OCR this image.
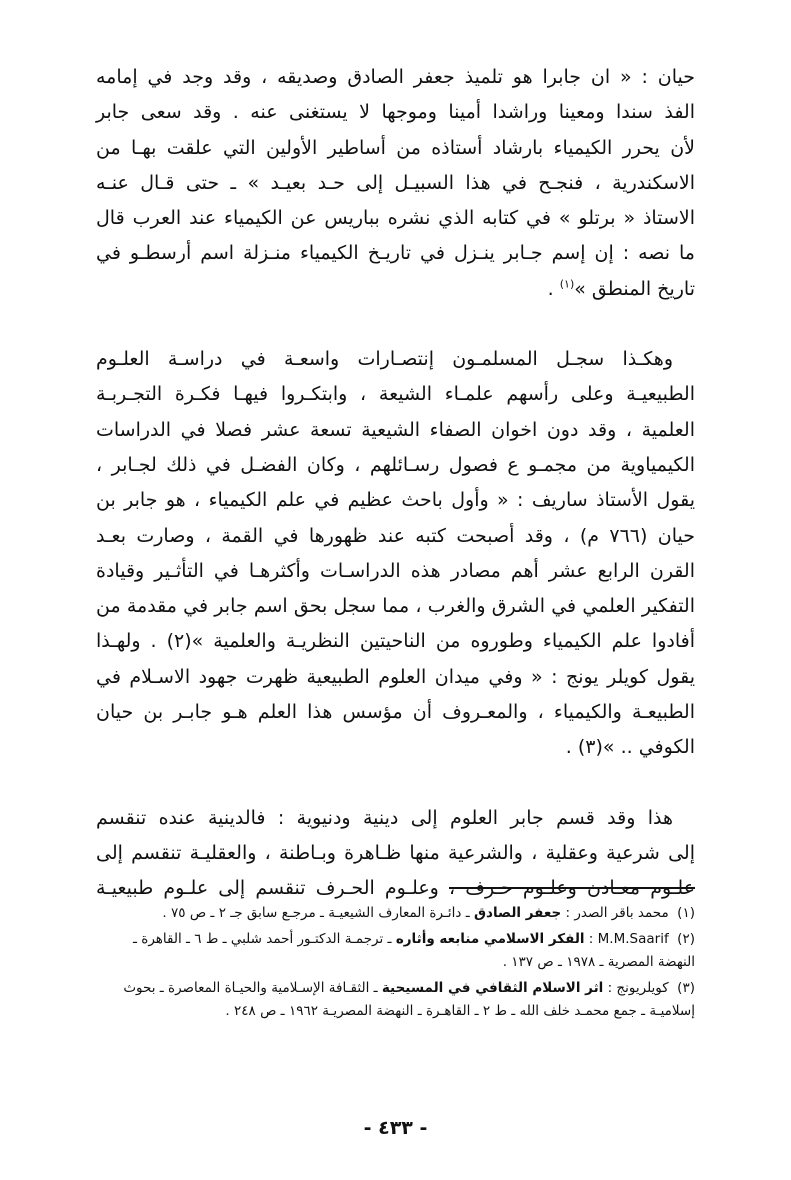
حيان : « ان جابرا هو تلميذ جعفر الصادق وصديقه ، وقد وجد في إمامه
الفذ سندا ومعينا وراشدا أمينا وموجها لا يستغنى عنه . وقد سعى جابر
لأن يحرر الكيمياء بارشاد أستاذه من أساطير الأولين التي علقت بهـا من
الاسكندرية ، فنجـح في هذا السبيـل إلى حـد بعيـد » ـ حتى قـال عنـه
الاستاذ « برتلو » في كتابه الذي نشره بباريس عن الكيمياء عند العرب قال
ما نصه : إن إسم جـابر ينـزل في تاريـخ الكيمياء منـزلة اسم أرسطـو في
تاريخ المنطق »$^{(١)}$ .

وهكـذا سجـل المسلمـون إنتصـارات واسعـة في دراسـة العلـوم
الطبيعيـة وعلى رأسهم علمـاء الشيعة ، وابتكـروا فيهـا فكـرة التجـربـة
العلمية ، وقد دون اخوان الصفاء الشيعية تسعة عشر فصلا في الدراسات
الكيمياوية من مجمـو ع فصول رسـائلهم ، وكان الفضـل في ذلك لجـابر ،
يقول الأستاذ ساريف : « وأول باحث عظيم في علم الكيمياء ، هو جابر بن
حيان (٧٦٦ م) ، وقد أصبحت كتبه عند ظهورها في القمة ، وصارت بعـد
القرن الرابع عشر أهم مصادر هذه الدراسـات وأكثرهـا في التأثـير وقيادة
التفكير العلمي في الشرق والغرب ، مما سجل بحق اسم جابر في مقدمة من
أفادوا علم الكيمياء وطوروه من الناحيتين النظريـة والعلمية »(٢) . ولهـذا
يقول كويلر يونج : « وفي ميدان العلوم الطبيعية ظهرت جهود الاسـلام في
الطبيعـة والكيمياء ، والمعـروف أن مؤسس هذا العلم هـو جابـر بن حيان
الكوفي .. »(٣) .

هذا وقد قسم جابر العلوم إلى دينية ودنيوية : فالدينية عنده تنقسم
إلى شرعية وعقلية ، والشرعية منها ظـاهرة وبـاطنة ، والعقليـة تنقسم إلى
علـوم معـادن وعلـوم حـرف ، وعلـوم الحـرف تنقسم إلى علـوم طبيعيـة

(١) محمد باقر الصدر : جعفر الصادق ـ دائـرة المعارف الشيعيـة ـ مرجـع سابق جـ ٢ ـ ص ٧٥ .

(٢) M.M.Saarif : الفكر الاسلامي منابعه وأثاره ـ ترجمـة الدكتـور أحمد شلبي ـ ط ٦ ـ القاهرة ـ النهضة المصرية ـ ١٩٧٨ ـ ص ١٣٧ .

(٣) كويلريونج : اثر الاسلام الثقافي في المسيحية ـ الثقـافة الإسـلامية والحيـاة المعاصرة ـ بحوث إسلاميـة ـ جمع محمـد خلف الله ـ ط ٢ ـ القاهـرة ـ النهضة المصريـة ١٩٦٢ ـ ص ٢٤٨ .

- ٤٣٣ -
